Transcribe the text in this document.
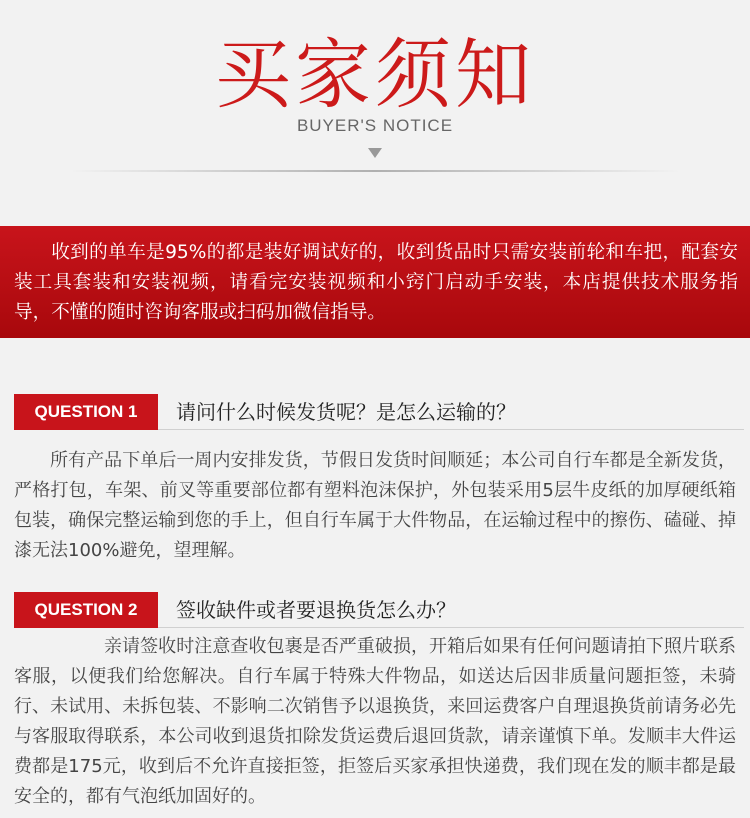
买家须知
BUYER'S NOTICE

收到的单车是95%的都是装好调试好的，收到货品时只需安装前轮和车把，配套安装工具套装和安装视频，请看完安装视频和小窍门启动手安装，本店提供技术服务指导，不懂的随时咨询客服或扫码加微信指导。

QUESTION 1	请问什么时候发货呢？是怎么运输的？

所有产品下单后一周内安排发货，节假日发货时间顺延；本公司自行车都是全新发货，严格打包，车架、前叉等重要部位都有塑料泡沫保护，外包装采用5层牛皮纸的加厚硬纸箱包装，确保完整运输到您的手上，但自行车属于大件物品，在运输过程中的擦伤、磕碰、掉漆无法100%避免，望理解。

QUESTION 2	签收缺件或者要退换货怎么办？

亲请签收时注意查收包裹是否严重破损，开箱后如果有任何问题请拍下照片联系客服，以便我们给您解决。自行车属于特殊大件物品，如送达后因非质量问题拒签，未骑行、未试用、未拆包装、不影响二次销售予以退换货，来回运费客户自理退换货前请务必先与客服取得联系，本公司收到退货扣除发货运费后退回货款，请亲谨慎下单。发顺丰大件运费都是175元，收到后不允许直接拒签，拒签后买家承担快递费，我们现在发的顺丰都是最安全的，都有气泡纸加固好的。
